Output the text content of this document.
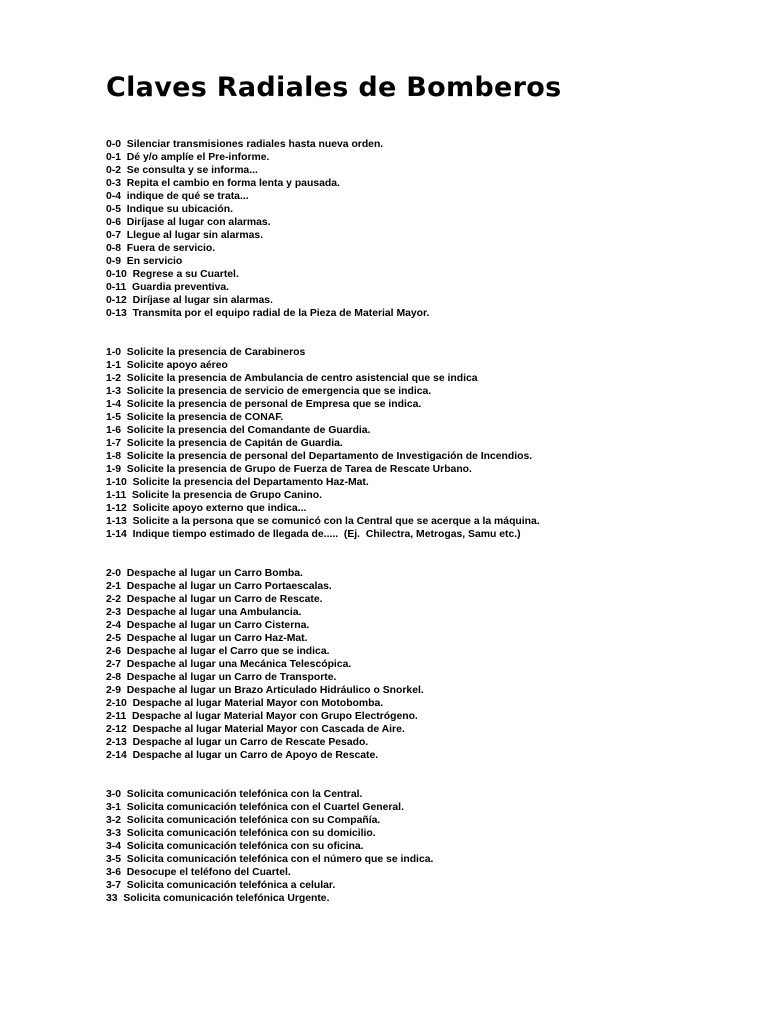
Claves Radiales de Bomberos
0-0  Silenciar transmisiones radiales hasta nueva orden.
0-1  Dé y/o amplíe el Pre-informe.
0-2  Se consulta y se informa...
0-3  Repita el cambio en forma lenta y pausada.
0-4  indique de qué se trata...
0-5  Indique su ubicación.
0-6  Diríjase al lugar con alarmas.
0-7  Llegue al lugar sin alarmas.
0-8  Fuera de servicio.
0-9  En servicio
0-10  Regrese a su Cuartel.
0-11  Guardia preventiva.
0-12  Diríjase al lugar sin alarmas.
0-13  Transmita por el equipo radial de la Pieza de Material Mayor.
1-0  Solicite la presencia de Carabineros
1-1  Solicite apoyo aéreo
1-2  Solicite la presencia de Ambulancia de centro asistencial que se indica
1-3  Solicite la presencia de servicio de emergencia que se indica.
1-4  Solicite la presencia de personal de Empresa que se indica.
1-5  Solicite la presencia de CONAF.
1-6  Solicite la presencia del Comandante de Guardia.
1-7  Solicite la presencia de Capitán de Guardia.
1-8  Solicite la presencia de personal del Departamento de Investigación de Incendios.
1-9  Solicite la presencia de Grupo de Fuerza de Tarea de Rescate Urbano.
1-10  Solicite la presencia del Departamento Haz-Mat.
1-11  Solicite la presencia de Grupo Canino.
1-12  Solicite apoyo externo que indica...
1-13  Solicite a la persona que se comunicó con la Central que se acerque a la máquina.
1-14  Indique tiempo estimado de llegada de.....  (Ej.  Chilectra, Metrogas, Samu etc.)
2-0  Despache al lugar un Carro Bomba.
2-1  Despache al lugar un Carro Portaescalas.
2-2  Despache al lugar un Carro de Rescate.
2-3  Despache al lugar una Ambulancia.
2-4  Despache al lugar un Carro Cisterna.
2-5  Despache al lugar un Carro Haz-Mat.
2-6  Despache al lugar el Carro que se indica.
2-7  Despache al lugar una Mecánica Telescópica.
2-8  Despache al lugar un Carro de Transporte.
2-9  Despache al lugar un Brazo Articulado Hidráulico o Snorkel.
2-10  Despache al lugar Material Mayor con Motobomba.
2-11  Despache al lugar Material Mayor con Grupo Electrógeno.
2-12  Despache al lugar Material Mayor con Cascada de Aire.
2-13  Despache al lugar un Carro de Rescate Pesado.
2-14  Despache al lugar un Carro de Apoyo de Rescate.
3-0  Solicita comunicación telefónica con la Central.
3-1  Solicita comunicación telefónica con el Cuartel General.
3-2  Solicita comunicación telefónica con su Compañía.
3-3  Solicita comunicación telefónica con su domicilio.
3-4  Solicita comunicación telefónica con su oficina.
3-5  Solicita comunicación telefónica con el número que se indica.
3-6  Desocupe el teléfono del Cuartel.
3-7  Solicita comunicación telefónica a celular.
33  Solicita comunicación telefónica Urgente.
